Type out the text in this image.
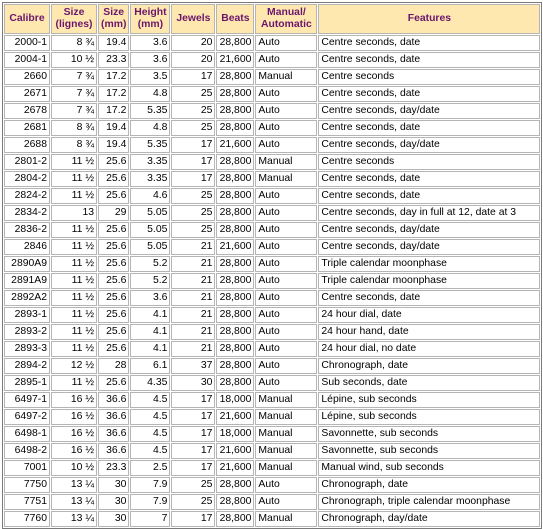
Calibre	Size (lignes)	Size (mm)	Height (mm)	Jewels	Beats	Manual/ Automatic	Features
2000-1	8 ¾	19.4	3.6	20	28,800	Auto	Centre seconds, date
2004-1	10 ½	23.3	3.6	20	21,600	Auto	Centre seconds, date
2660	7 ¾	17.2	3.5	17	28,800	Manual	Centre seconds
2671	7 ¾	17.2	4.8	25	28,800	Auto	Centre seconds, date
2678	7 ¾	17.2	5.35	25	28,800	Auto	Centre seconds, day/date
2681	8 ¾	19.4	4.8	25	28,800	Auto	Centre seconds, date
2688	8 ¾	19.4	5.35	17	21,600	Auto	Centre seconds, day/date
2801-2	11 ½	25.6	3.35	17	28,800	Manual	Centre seconds
2804-2	11 ½	25.6	3.35	17	28,800	Manual	Centre seconds, date
2824-2	11 ½	25.6	4.6	25	28,800	Auto	Centre seconds, date
2834-2	13	29	5.05	25	28,800	Auto	Centre seconds, day in full at 12, date at 3
2836-2	11 ½	25.6	5.05	25	28,800	Auto	Centre seconds, day/date
2846	11 ½	25.6	5.05	21	21,600	Auto	Centre seconds, day/date
2890A9	11 ½	25.6	5.2	21	28,800	Auto	Triple calendar moonphase
2891A9	11 ½	25.6	5.2	21	28,800	Auto	Triple calendar moonphase
2892A2	11 ½	25.6	3.6	21	28,800	Auto	Centre seconds, date
2893-1	11 ½	25.6	4.1	21	28,800	Auto	24 hour dial, date
2893-2	11 ½	25.6	4.1	21	28,800	Auto	24 hour hand, date
2893-3	11 ½	25.6	4.1	21	28,800	Auto	24 hour dial, no date
2894-2	12 ½	28	6.1	37	28,800	Auto	Chronograph, date
2895-1	11 ½	25.6	4.35	30	28,800	Auto	Sub seconds, date
6497-1	16 ½	36.6	4.5	17	18,000	Manual	Lépine, sub seconds
6497-2	16 ½	36.6	4.5	17	21,600	Manual	Lépine, sub seconds
6498-1	16 ½	36.6	4.5	17	18,000	Manual	Savonnette, sub seconds
6498-2	16 ½	36.6	4.5	17	21,600	Manual	Savonnette, sub seconds
7001	10 ½	23.3	2.5	17	21,600	Manual	Manual wind, sub seconds
7750	13 ¼	30	7.9	25	28,800	Auto	Chronograph, date
7751	13 ¼	30	7.9	25	28,800	Auto	Chronograph, triple calendar moonphase
7760	13 ¼	30	7	17	28,800	Manual	Chronograph, day/date
